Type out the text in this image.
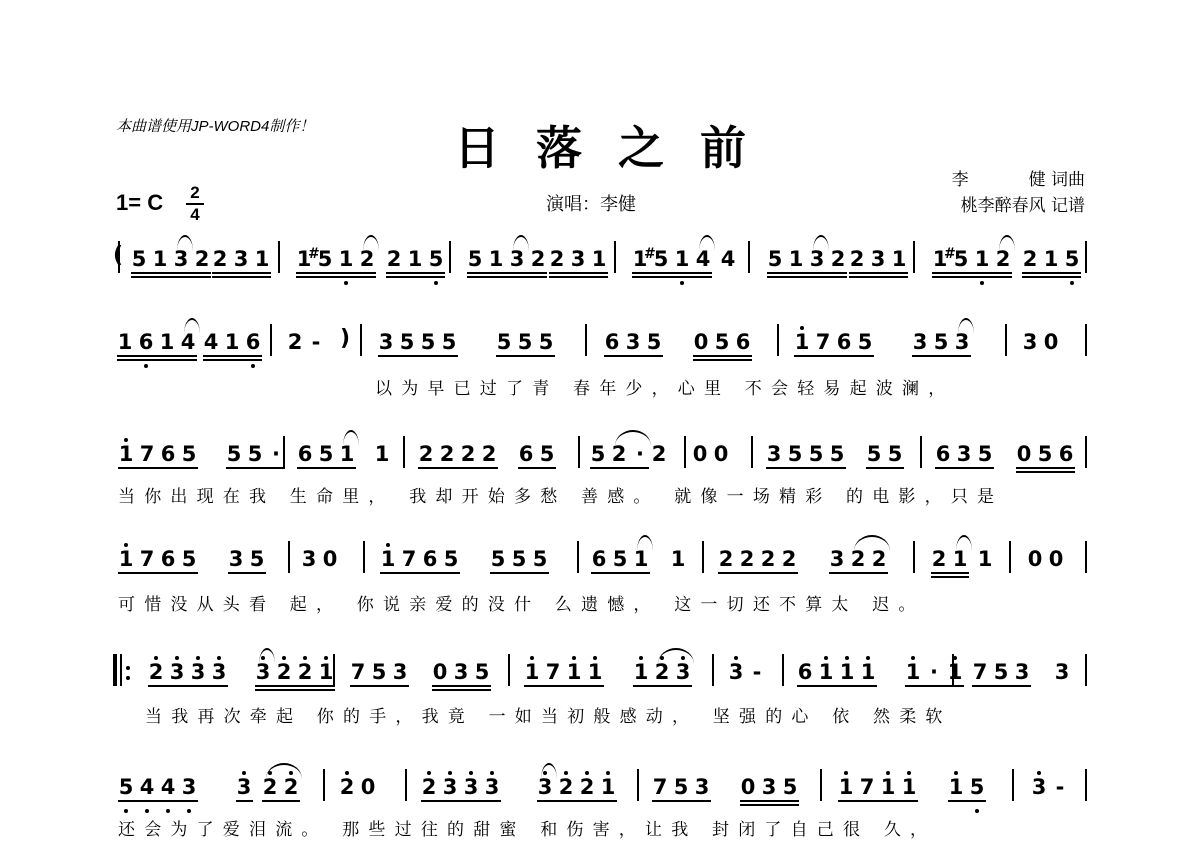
本曲谱使用JP-WORD4制作！	日落之前
1= C 2
4	演唱：李健
李	健 词曲
桃李醉春风 记谱
( 5 1 3 2 2 3 1 1 5
# 1 2 2 1 5 5 1 3 2 2 3 1 1 5
# 1 4 4 5 1 3 2 2 3 1 1 5
# 1 2 2 1 5
)
1 6 1 4 4 1 6 2 -	3 5 5 5 5 5 5 6 3 5 0 5 6 1 7 6 5 3 5 3	3 0
以为早已过了青 春年少，心里 不会轻易起波澜，
1 7 6 5 5 5 · 6 5 1 1 2 2 2 2 6 5 5 2 · 2 0 0 3 5 5 5 5 5 6 3 5 0 5 6
当你出现在我 生命里， 我却开始多愁 善感。 就像一场精彩 的电影，只是
1 7 6 5 3 5 3 0 1 7 6 5 5 5 5 6 5 1 1 2 2 2 2 3 2 2 2 1 1 0 0
可惜没从头看 起， 你说亲爱的没什 么遗憾， 这一切还不算太 迟。
2 3 3 3 3 2 2 1 7 5 3 0 3 5 1 7 1 1 1 2 3 3 - 6 1 1 1 1 · 1 7 5 3 3
当我再次牵起 你的手，我竟 一如当初般感动， 坚强的心 依 然柔软
5 4 4 3 3 2 2 2 0 2 3 3 3 3 2 2 1 7 5 3 0 3 5 1 7 1 1 1 5 3 -
还会为了爱泪流。 那些过往的甜蜜 和伤害，让我 封闭了自己很 久，
